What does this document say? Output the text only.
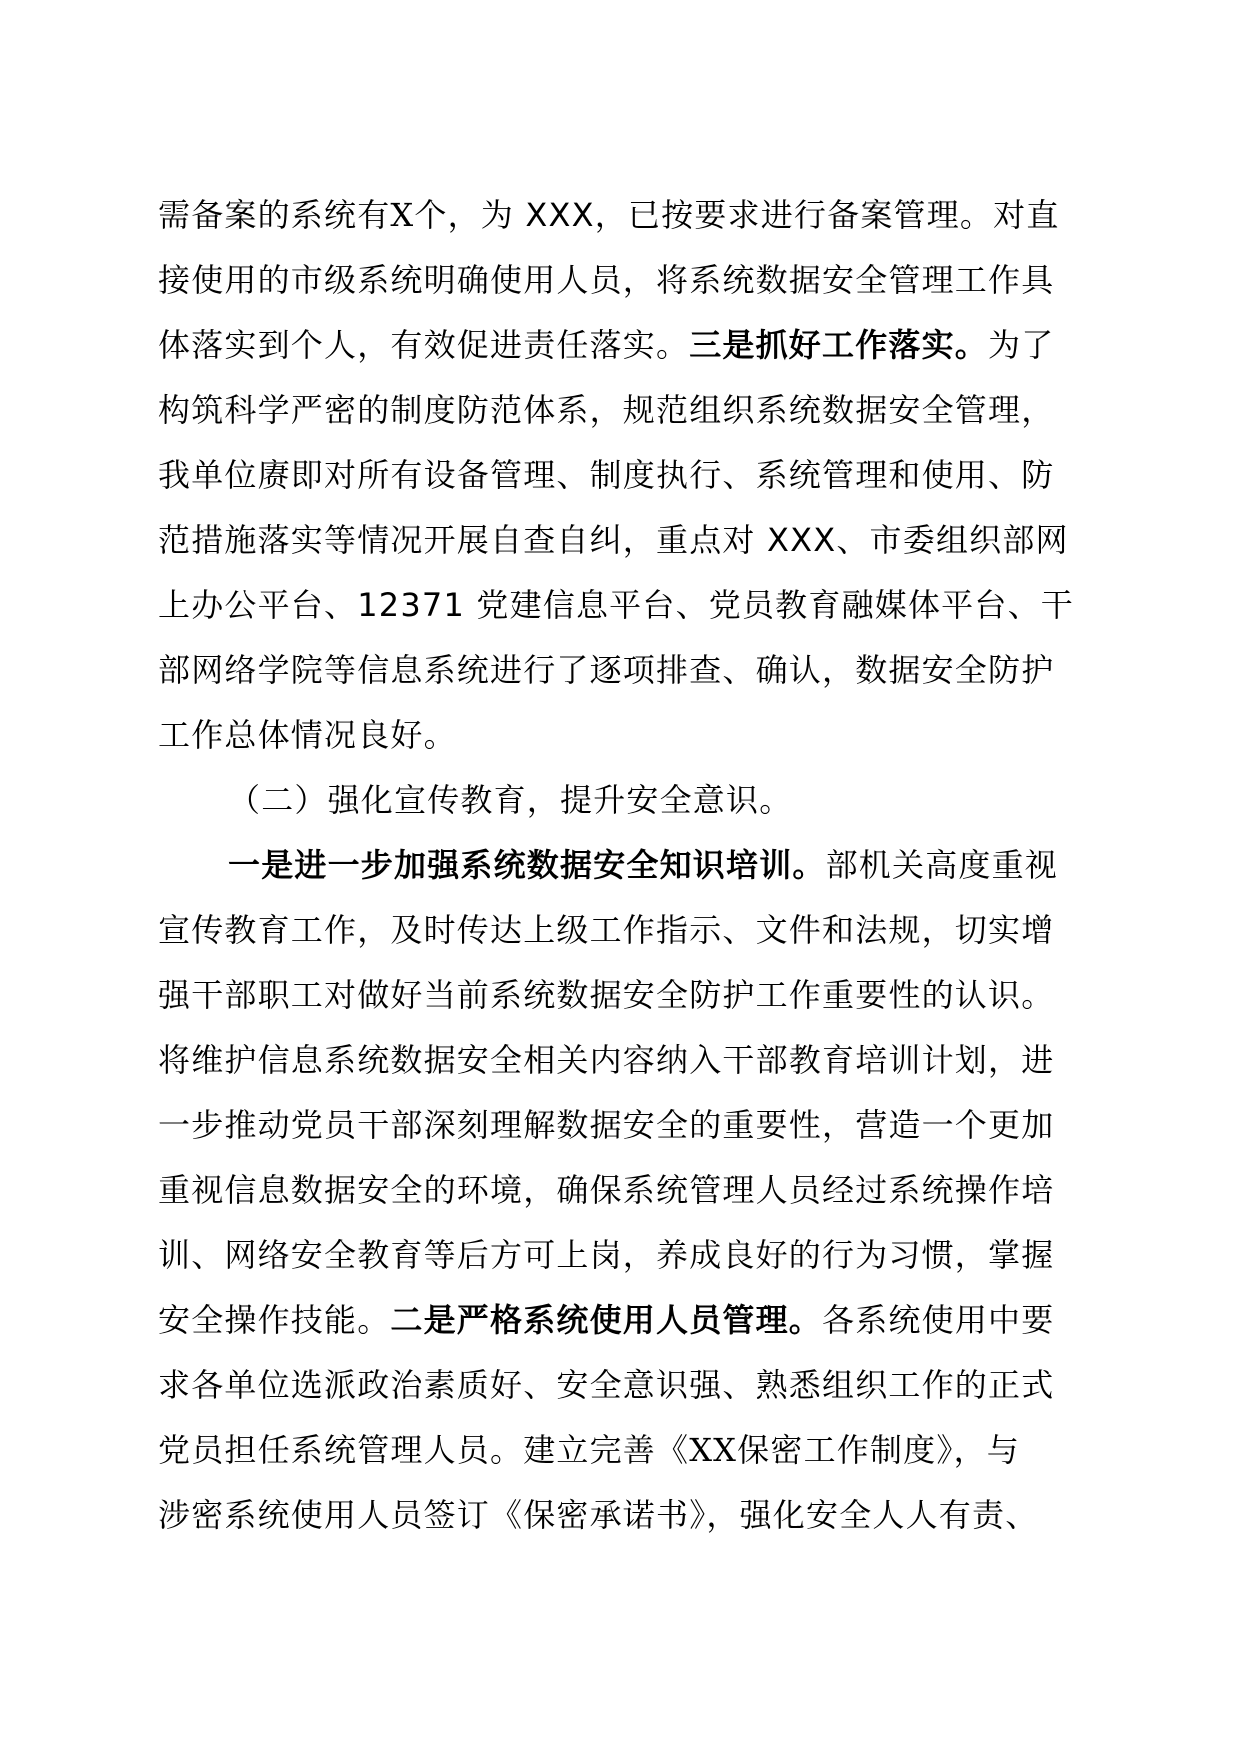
需备案的系统有X个，为 XXX，已按要求进行备案管理。对直
接使用的市级系统明确使用人员，将系统数据安全管理工作具
体落实到个人，有效促进责任落实。三是抓好工作落实。为了
构筑科学严密的制度防范体系，规范组织系统数据安全管理，
我单位赓即对所有设备管理、制度执行、系统管理和使用、防
范措施落实等情况开展自查自纠，重点对 XXX、市委组织部网
上办公平台、12371 党建信息平台、党员教育融媒体平台、干
部网络学院等信息系统进行了逐项排查、确认，数据安全防护
工作总体情况良好。
（二）强化宣传教育，提升安全意识。
一是进一步加强系统数据安全知识培训。部机关高度重视
宣传教育工作，及时传达上级工作指示、文件和法规，切实增
强干部职工对做好当前系统数据安全防护工作重要性的认识。
将维护信息系统数据安全相关内容纳入干部教育培训计划，进
一步推动党员干部深刻理解数据安全的重要性，营造一个更加
重视信息数据安全的环境，确保系统管理人员经过系统操作培
训、网络安全教育等后方可上岗，养成良好的行为习惯，掌握
安全操作技能。二是严格系统使用人员管理。各系统使用中要
求各单位选派政治素质好、安全意识强、熟悉组织工作的正式
党员担任系统管理人员。建立完善《XX保密工作制度》，与
涉密系统使用人员签订《保密承诺书》，强化安全人人有责、
